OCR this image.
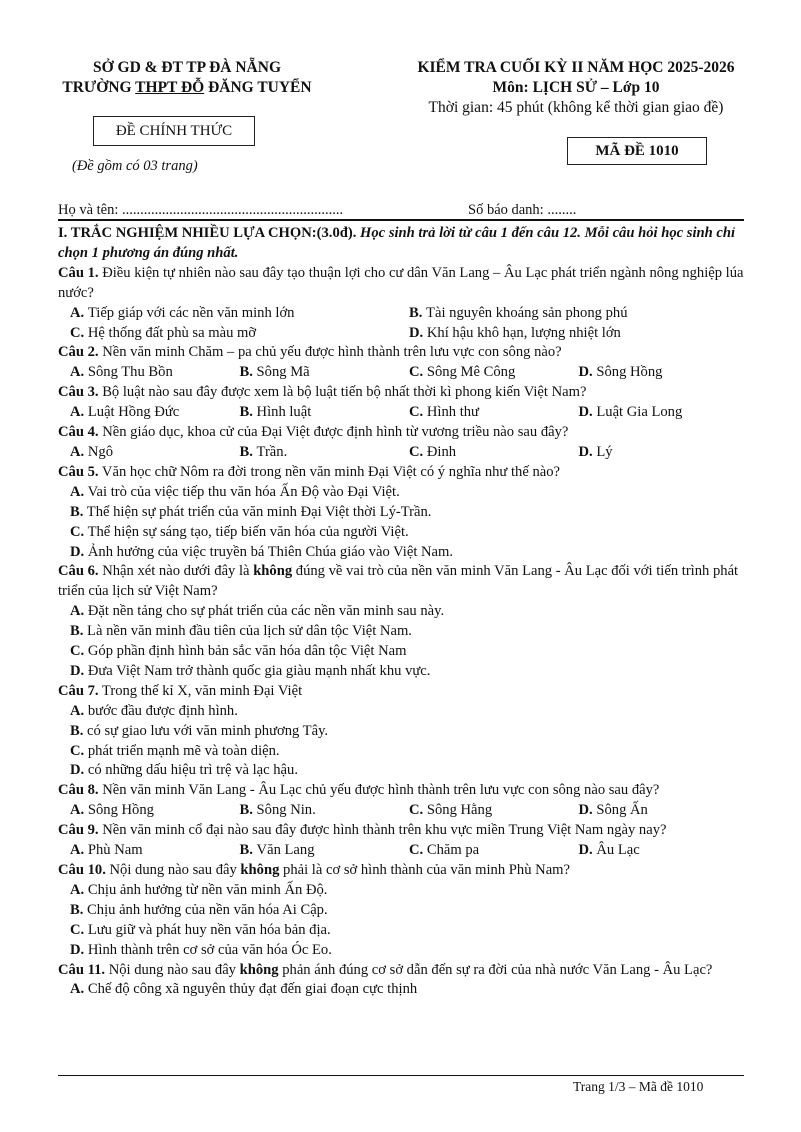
SỞ GD & ĐT TP ĐÀ NẴNG
TRƯỜNG THPT ĐỖ ĐĂNG TUYỂN
ĐỀ CHÍNH THỨC
(Đề gồm có 03 trang)
KIỂM TRA CUỐI KỲ II NĂM HỌC 2025-2026
Môn: LỊCH SỬ – Lớp 10
Thời gian: 45 phút (không kể thời gian giao đề)
MÃ ĐỀ 1010
Họ và tên: .............................................................	Số báo danh: ........

I. TRẮC NGHIỆM NHIỀU LỰA CHỌN:(3.0đ). Học sinh trả lời từ câu 1 đến câu 12. Mỗi câu hỏi học sinh chỉ chọn 1 phương án đúng nhất.

Câu 1. Điều kiện tự nhiên nào sau đây tạo thuận lợi cho cư dân Văn Lang – Âu Lạc phát triển ngành nông nghiệp lúa nước?

A. Tiếp giáp với các nền văn minh lớn	B. Tài nguyên khoáng sản phong phú
C. Hệ thống đất phù sa màu mỡ	D. Khí hậu khô hạn, lượng nhiệt lớn

Câu 2. Nền văn minh Chăm – pa chủ yếu được hình thành trên lưu vực con sông nào?

A. Sông Thu Bồn	B. Sông Mã	C. Sông Mê Công	D. Sông Hồng

Câu 3. Bộ luật nào sau đây được xem là bộ luật tiến bộ nhất thời kì phong kiến Việt Nam?

A. Luật Hồng Đức	B. Hình luật	C. Hình thư	D. Luật Gia Long

Câu 4. Nền giáo dục, khoa cử của Đại Việt được định hình từ vương triều nào sau đây?

A. Ngô	B. Trần.	C. Đinh	D. Lý

Câu 5. Văn học chữ Nôm ra đời trong nền văn minh Đại Việt có ý nghĩa như thế nào?

A. Vai trò của việc tiếp thu văn hóa Ấn Độ vào Đại Việt.
B. Thể hiện sự phát triển của văn minh Đại Việt thời Lý-Trần.
C. Thể hiện sự sáng tạo, tiếp biến văn hóa của người Việt.
D. Ảnh hưởng của việc truyền bá Thiên Chúa giáo vào Việt Nam.

Câu 6. Nhận xét nào dưới đây là không đúng về vai trò của nền văn minh Văn Lang - Âu Lạc đối với tiến trình phát triển của lịch sử Việt Nam?

A. Đặt nền tảng cho sự phát triển của các nền văn minh sau này.
B. Là nền văn minh đầu tiên của lịch sử dân tộc Việt Nam.
C. Góp phần định hình bản sắc văn hóa dân tộc Việt Nam
D. Đưa Việt Nam trở thành quốc gia giàu mạnh nhất khu vực.

Câu 7. Trong thế kỉ X, văn minh Đại Việt

A. bước đầu được định hình.
B. có sự giao lưu với văn minh phương Tây.
C. phát triển mạnh mẽ và toàn diện.
D. có những dấu hiệu trì trệ và lạc hậu.

Câu 8. Nền văn minh Văn Lang - Âu Lạc chủ yếu được hình thành trên lưu vực con sông nào sau đây?

A. Sông Hồng	B. Sông Nin.	C. Sông Hằng	D. Sông Ấn

Câu 9. Nền văn minh cổ đại nào sau đây được hình thành trên khu vực miền Trung Việt Nam ngày nay?

A. Phù Nam	B. Văn Lang	C. Chăm pa	D. Âu Lạc

Câu 10. Nội dung nào sau đây không phải là cơ sở hình thành của văn minh Phù Nam?

A. Chịu ảnh hưởng từ nền văn minh Ấn Độ.
B. Chịu ảnh hưởng của nền văn hóa Ai Cập.
C. Lưu giữ và phát huy nền văn hóa bản địa.
D. Hình thành trên cơ sở của văn hóa Óc Eo.

Câu 11. Nội dung nào sau đây không phản ánh đúng cơ sở dẫn đến sự ra đời của nhà nước Văn Lang - Âu Lạc?

A. Chế độ công xã nguyên thủy đạt đến giai đoạn cực thịnh
Trang 1/3 – Mã đề 1010
